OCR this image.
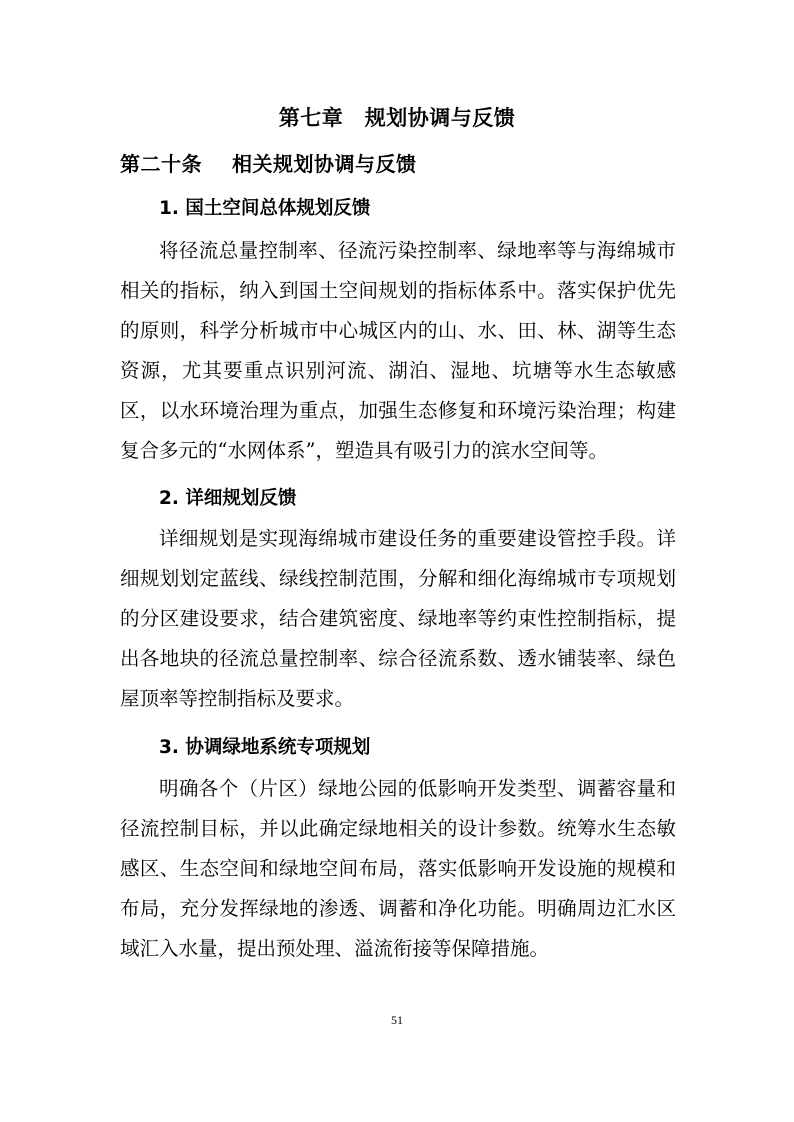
第七章　规划协调与反馈
第二十条 相关规划协调与反馈
1. 国土空间总体规划反馈

将径流总量控制率、径流污染控制率、绿地率等与海绵城市相关的指标，纳入到国土空间规划的指标体系中。落实保护优先的原则，科学分析城市中心城区内的山、水、田、林、湖等生态资源，尤其要重点识别河流、湖泊、湿地、坑塘等水生态敏感区，以水环境治理为重点，加强生态修复和环境污染治理；构建复合多元的“水网体系”，塑造具有吸引力的滨水空间等。

2. 详细规划反馈

详细规划是实现海绵城市建设任务的重要建设管控手段。详细规划划定蓝线、绿线控制范围，分解和细化海绵城市专项规划的分区建设要求，结合建筑密度、绿地率等约束性控制指标，提出各地块的径流总量控制率、综合径流系数、透水铺装率、绿色屋顶率等控制指标及要求。

3. 协调绿地系统专项规划

明确各个（片区）绿地公园的低影响开发类型、调蓄容量和径流控制目标，并以此确定绿地相关的设计参数。统筹水生态敏感区、生态空间和绿地空间布局，落实低影响开发设施的规模和布局，充分发挥绿地的渗透、调蓄和净化功能。明确周边汇水区域汇入水量，提出预处理、溢流衔接等保障措施。

51
